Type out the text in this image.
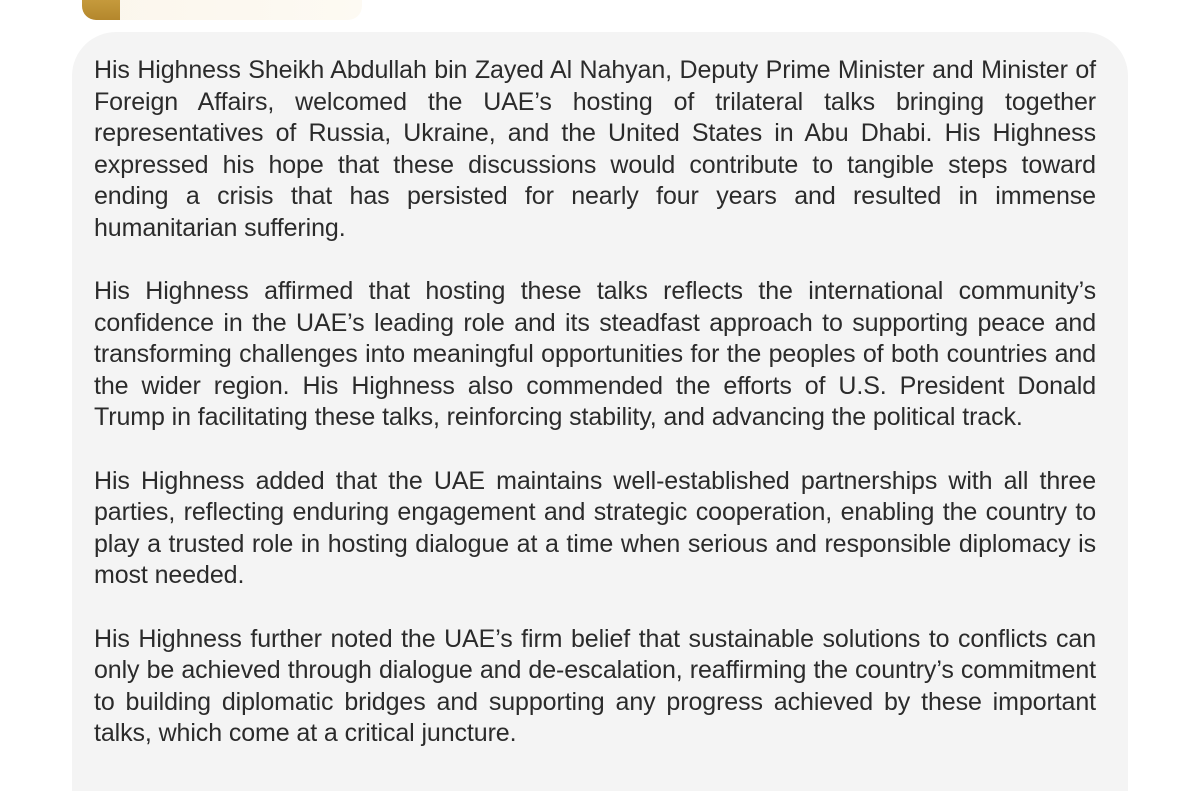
His Highness Sheikh Abdullah bin Zayed Al Nahyan, Deputy Prime Minister and Minister of Foreign Affairs, welcomed the UAE’s hosting of trilateral talks bringing together representatives of Russia, Ukraine, and the United States in Abu Dhabi. His Highness expressed his hope that these discussions would contribute to tangible steps toward ending a crisis that has persisted for nearly four years and resulted in immense humanitarian suffering.

His Highness affirmed that hosting these talks reflects the international community’s confidence in the UAE’s leading role and its steadfast approach to supporting peace and transforming challenges into meaningful opportunities for the peoples of both countries and the wider region. His Highness also commended the efforts of U.S. President Donald Trump in facilitating these talks, reinforcing stability, and advancing the political track.

His Highness added that the UAE maintains well-established partnerships with all three parties, reflecting enduring engagement and strategic cooperation, enabling the country to play a trusted role in hosting dialogue at a time when serious and responsible diplomacy is most needed.

His Highness further noted the UAE’s firm belief that sustainable solutions to conflicts can only be achieved through dialogue and de-escalation, reaffirming the country’s commitment to building diplomatic bridges and supporting any progress achieved by these important talks, which come at a critical juncture.
